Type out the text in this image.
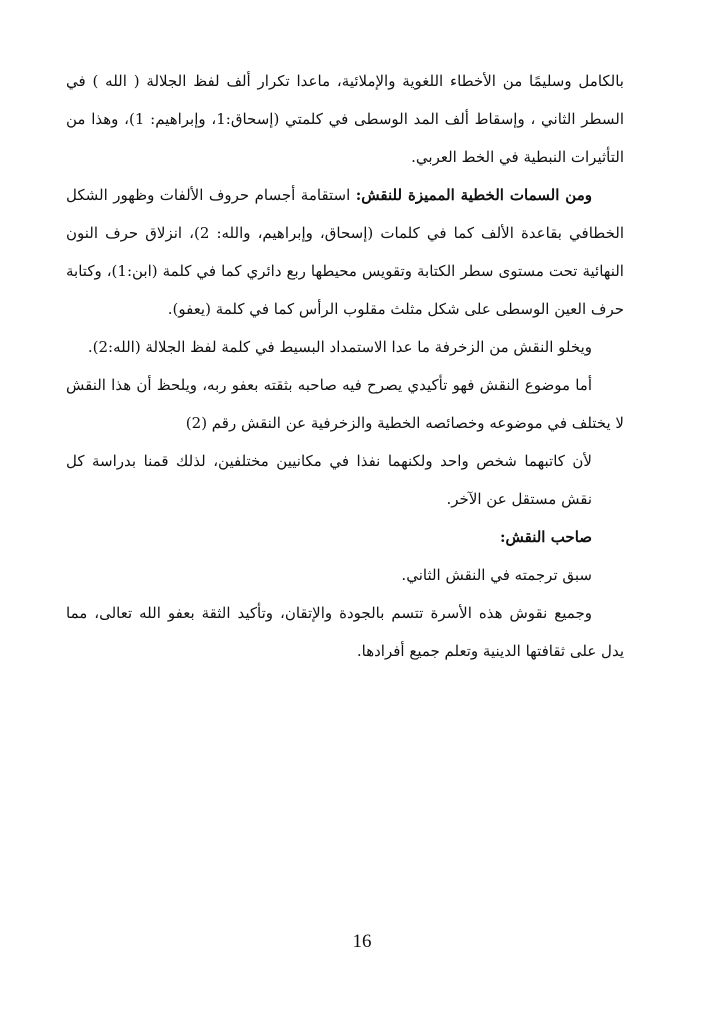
بالكامل وسليمًا من الأخطاء اللغوية والإملائية، ماعدا تكرار ألف لفظ الجلالة ( الله ) في السطر الثاني ، وإسقاط ألف المد الوسطى في كلمتي (إسحاق:1، وإبراهيم: 1)، وهذا من التأثيرات النبطية في الخط العربي.

ومن السمات الخطية المميزة للنقش: استقامة أجسام حروف الألفات وظهور الشكل الخطافي بقاعدة الألف كما في كلمات (إسحاق، وإبراهيم، والله: 2)، انزلاق حرف النون النهائية تحت مستوى سطر الكتابة وتقويس محيطها ربع دائري كما في كلمة (ابن:1)، وكتابة حرف العين الوسطى على شكل مثلث مقلوب الرأس كما في كلمة (يعفو).

ويخلو النقش من الزخرفة ما عدا الاستمداد البسيط في كلمة لفظ الجلالة (الله:2).

أما موضوع النقش فهو تأكيدي يصرح فيه صاحبه بثقته بعفو ربه، ويلحظ أن هذا النقش لا يختلف في موضوعه وخصائصه الخطية والزخرفية عن النقش رقم (2)

لأن كاتبهما شخص واحد ولكنهما نفذا في مكانيين مختلفين، لذلك قمنا بدراسة كل نقش مستقل عن الآخر.

صاحب النقش:

سبق ترجمته في النقش الثاني.

وجميع نقوش هذه الأسرة تتسم بالجودة والإتقان، وتأكيد الثقة بعفو الله تعالى، مما يدل على ثقافتها الدينية وتعلم جميع أفرادها.

16
